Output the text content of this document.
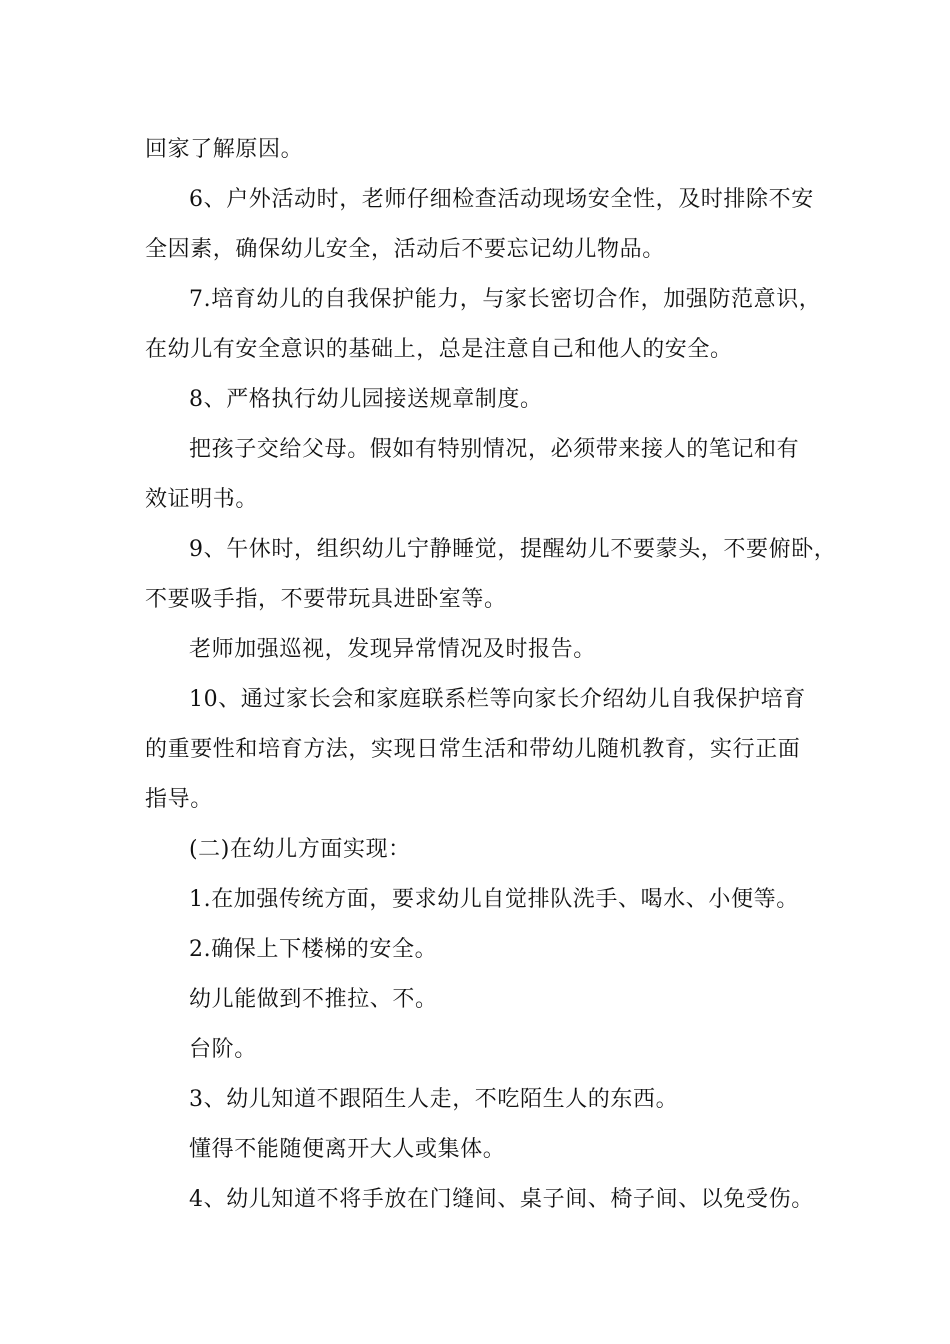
回家了解原因。
6、户外活动时，老师仔细检查活动现场安全性，及时排除不安
全因素，确保幼儿安全，活动后不要忘记幼儿物品。
7.培育幼儿的自我保护能力，与家长密切合作，加强防范意识，
在幼儿有安全意识的基础上，总是注意自己和他人的安全。
8、严格执行幼儿园接送规章制度。
把孩子交给父母。假如有特别情况，必须带来接人的笔记和有
效证明书。
9、午休时，组织幼儿宁静睡觉，提醒幼儿不要蒙头，不要俯卧，
不要吸手指，不要带玩具进卧室等。
老师加强巡视，发现异常情况及时报告。
10、通过家长会和家庭联系栏等向家长介绍幼儿自我保护培育
的重要性和培育方法，实现日常生活和带幼儿随机教育，实行正面
指导。
(二)在幼儿方面实现：
1.在加强传统方面，要求幼儿自觉排队洗手、喝水、小便等。
2.确保上下楼梯的安全。
幼儿能做到不推拉、不。
台阶。
3、幼儿知道不跟陌生人走，不吃陌生人的东西。
懂得不能随便离开大人或集体。
4、幼儿知道不将手放在门缝间、桌子间、椅子间、以免受伤。
